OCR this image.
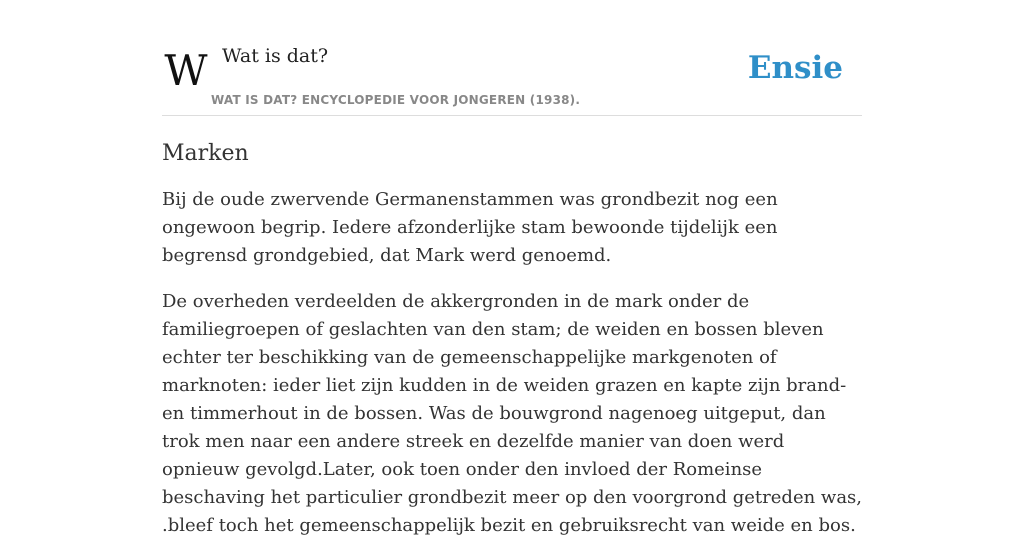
W Wat is dat?
WAT IS DAT? ENCYCLOPEDIE VOOR JONGEREN (1938).
Ensie
Marken

Bij de oude zwervende Germanenstammen was grondbezit nog een ongewoon begrip. Iedere afzonderlijke stam bewoonde tijdelijk een begrensd grondgebied, dat Mark werd genoemd.

De overheden verdeelden de akkergronden in de mark onder de familiegroepen of geslachten van den stam; de weiden en bossen bleven echter ter beschikking van de gemeenschappelijke markgenoten of marknoten: ieder liet zijn kudden in de weiden grazen en kapte zijn brand- en timmerhout in de bossen. Was de bouwgrond nagenoeg uitgeput, dan trok men naar een andere streek en dezelfde manier van doen werd opnieuw gevolgd.Later, ook toen onder den invloed der Romeinse beschaving het particulier grondbezit meer op den voorgrond getreden was, .bleef toch het gemeenschappelijk bezit en gebruiksrecht van weide en bos.
